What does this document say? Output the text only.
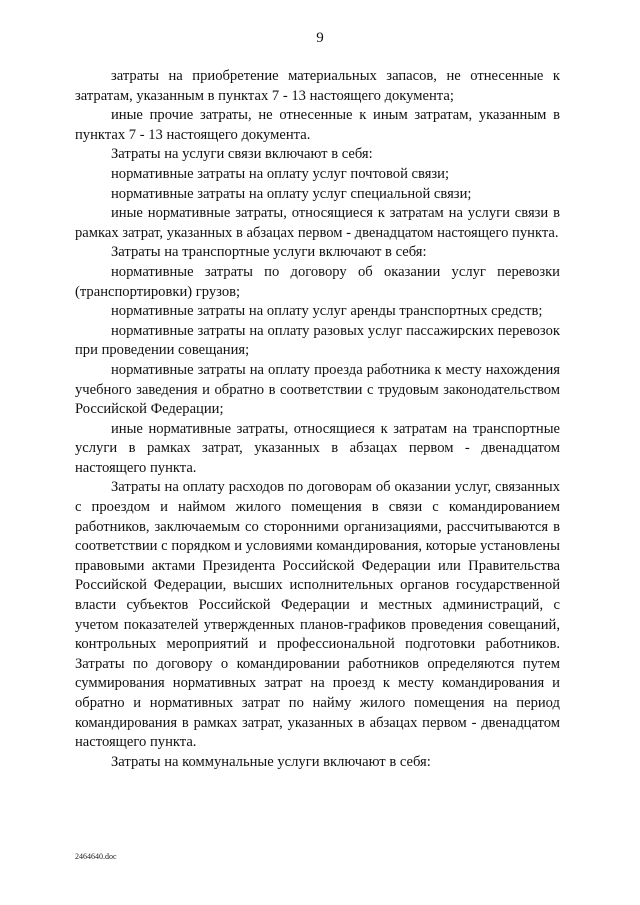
9

затраты на приобретение материальных запасов, не отнесенные к затратам, указанным в пунктах 7 - 13 настоящего документа;

иные прочие затраты, не отнесенные к иным затратам, указанным в пунктах 7 - 13 настоящего документа.

Затраты на услуги связи включают в себя:

нормативные затраты на оплату услуг почтовой связи;

нормативные затраты на оплату услуг специальной связи;

иные нормативные затраты, относящиеся к затратам на услуги связи в рамках затрат, указанных в абзацах первом - двенадцатом настоящего пункта.

Затраты на транспортные услуги включают в себя:

нормативные затраты по договору об оказании услуг перевозки (транспортировки) грузов;

нормативные затраты на оплату услуг аренды транспортных средств;

нормативные затраты на оплату разовых услуг пассажирских перевозок при проведении совещания;

нормативные затраты на оплату проезда работника к месту нахождения учебного заведения и обратно в соответствии с трудовым законодательством Российской Федерации;

иные нормативные затраты, относящиеся к затратам на транспортные услуги в рамках затрат, указанных в абзацах первом - двенадцатом настоящего пункта.

Затраты на оплату расходов по договорам об оказании услуг, связанных с проездом и наймом жилого помещения в связи с командированием работников, заключаемым со сторонними организациями, рассчитываются в соответствии с порядком и условиями командирования, которые установлены правовыми актами Президента Российской Федерации или Правительства Российской Федерации, высших исполнительных органов государственной власти субъектов Российской Федерации и местных администраций, с учетом показателей утвержденных планов-графиков проведения совещаний, контрольных мероприятий и профессиональной подготовки работников. Затраты по договору о командировании работников определяются путем суммирования нормативных затрат на проезд к месту командирования и обратно и нормативных затрат по найму жилого помещения на период командирования в рамках затрат, указанных в абзацах первом - двенадцатом настоящего пункта.

Затраты на коммунальные услуги включают в себя:

2464640.doc
